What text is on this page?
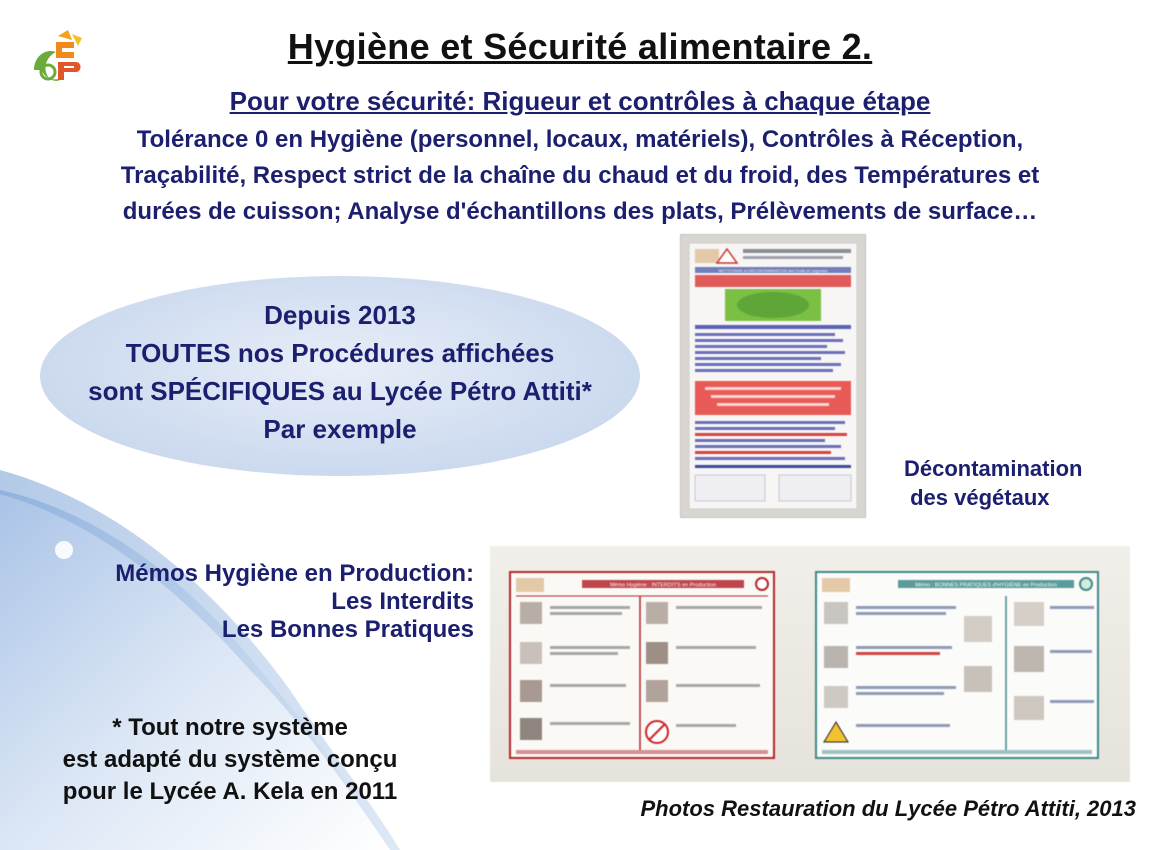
Hygiène et Sécurité alimentaire 2.
Pour votre sécurité: Rigueur et contrôles à chaque étape
Tolérance 0 en Hygiène (personnel, locaux, matériels), Contrôles à Réception,
Traçabilité, Respect strict de la chaîne du chaud et du froid, des Températures et
durées de cuisson; Analyse d'échantillons des plats, Prélèvements de surface…
Depuis 2013
TOUTES nos Procédures affichées
sont SPÉCIFIQUES au Lycée Pétro Attiti*
Par exemple
NETTOYAGE et DÉCONTAMINATION des Fruits et Légumes
Décontamination
des végétaux
Mémos Hygiène en Production:
Les Interdits
Les Bonnes Pratiques
* Tout notre système
est adapté du système conçu
pour le Lycée A. Kela en 2011
Mémo Hygiène : INTERDITS en Production	Mémo : BONNES PRATIQUES d'HYGIÈNE en Production
Photos Restauration du Lycée Pétro Attiti, 2013
